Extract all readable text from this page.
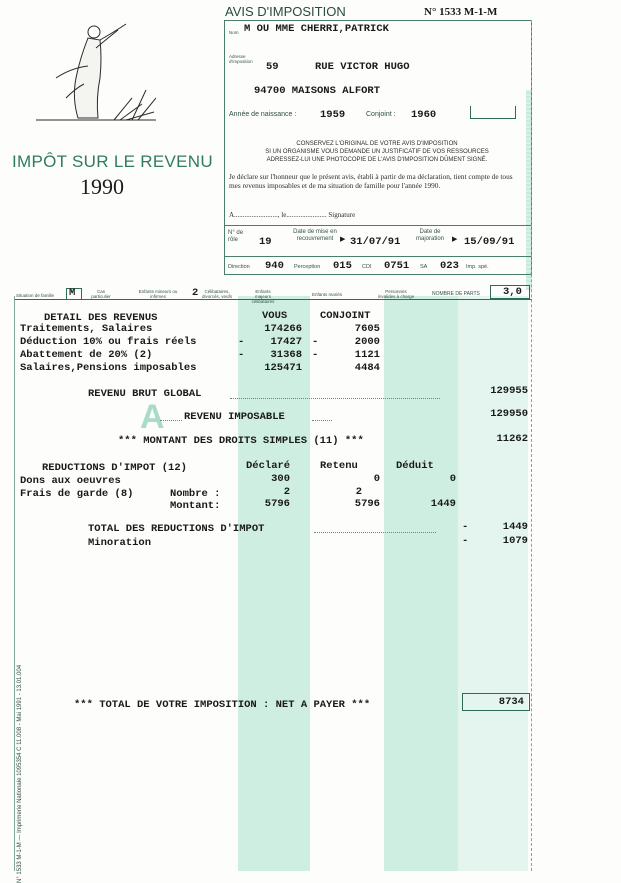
IMPÔT SUR LE REVENU
1990
AVIS D'IMPOSITION	N° 1533 M-1-M
Nom M OU MME CHERRI,PATRICK
Adresse d'imposition 59	RUE VICTOR HUGO
94700 MAISONS ALFORT
Année de naissance : 1959	Conjoint : 1960
CONSERVEZ L'ORIGINAL DE VOTRE AVIS D'IMPOSITION
SI UN ORGANISME VOUS DEMANDE UN JUSTIFICATIF DE VOS RESSOURCES
ADRESSEZ-LUI UNE PHOTOCOPIE DE L'AVIS D'IMPOSITION DÛMENT SIGNÉ.
Je déclare sur l'honneur que le présent avis, établi à partir de ma déclaration, tient compte de tous mes revenus imposables et de ma situation de famille pour l'année 1990.
A........................., le....................... Signature
N° de rôle	19
Date de mise en recouvrement ▶ 31/07/91
Date de majoration	▶ 15/09/91
Direction 940 Perception 015 CDI 0751 SA 023 Imp. spé.
Situation de famille M	Cas particulier
Enfants mineurs ou infirmes	2	Célibataires, divorcés, veufs
Enfants majeurs célibataires
Enfants mariés
Personnes invalides à charge	NOMBRE DE PARTS 3,0
DETAIL DES REVENUS	VOUS	CONJOINT
Traitements, Salaires	174266	7605
Déduction 10% ou frais réels	-	17427 -	2000
Abattement de 20% (2)	-	31368 -	1121
Salaires,Pensions imposables	125471	4484
REVENU BRUT GLOBAL	129955
A REVENU IMPOSABLE	129950
*** MONTANT DES DROITS SIMPLES (11) ***	11262
REDUCTIONS D'IMPOT (12)	Déclaré	Retenu	Déduit
Dons aux oeuvres	300	0	0
Frais de garde (8)	Nombre :	2	2
Montant:	5796	5796	1449
TOTAL DES REDUCTIONS D'IMPOT	-	1449
Minoration	-	1079
*** TOTAL DE VOTRE IMPOSITION : NET A PAYER ***	8734
N° 1533 M-1-M — Imprimerie Nationale 1095354 C 11.008 - Mai 1991 - 13.01.004
